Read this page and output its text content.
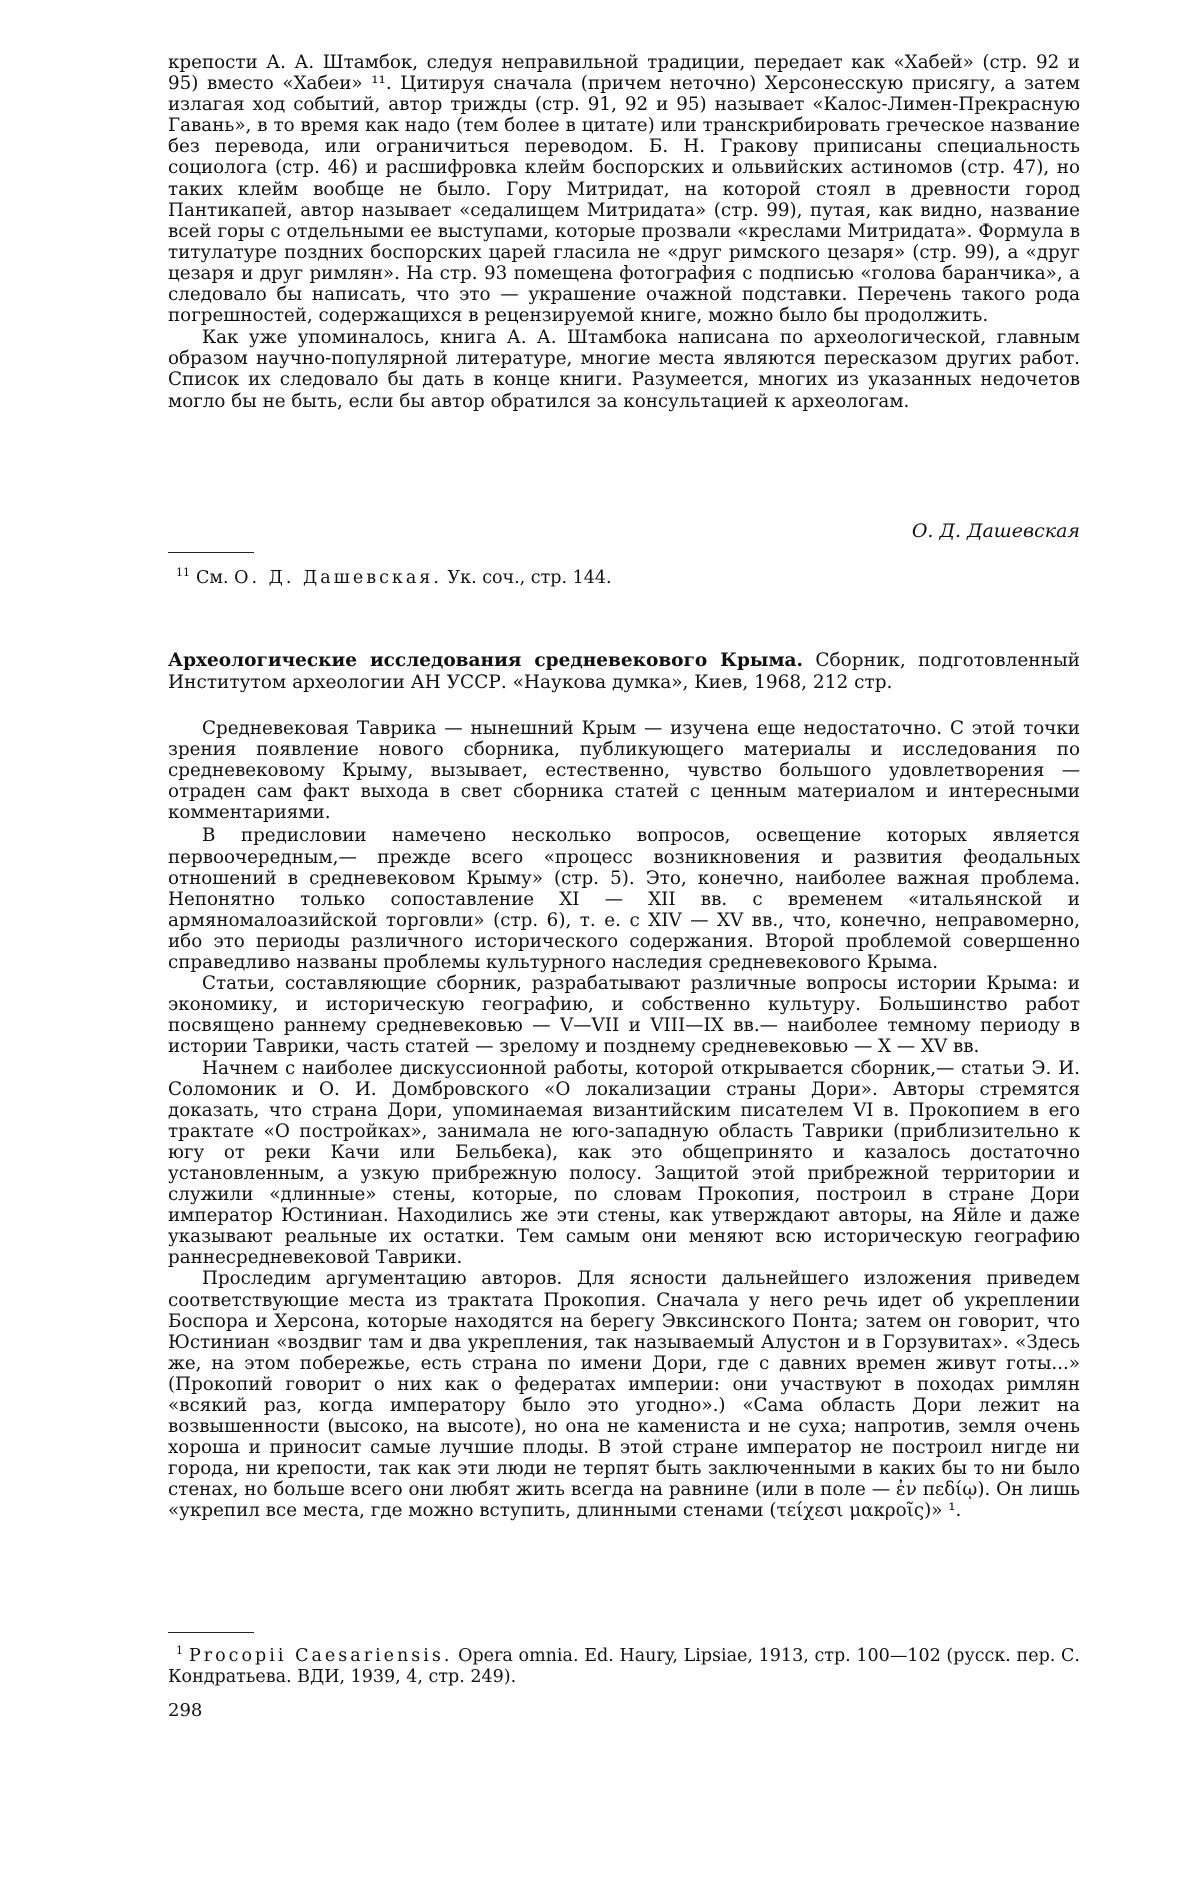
крепости А. А. Штамбок, следуя неправильной традиции, передает как «Хабей» (стр. 92 и 95) вместо «Хабеи» ¹¹. Цитируя сначала (причем неточно) Херсонесскую присягу, а затем излагая ход событий, автор трижды (стр. 91, 92 и 95) называет «Калос-Лимен-Прекрасную Гавань», в то время как надо (тем более в цитате) или транскрибировать греческое название без перевода, или ограничиться переводом. Б. Н. Гракову приписаны специальность социолога (стр. 46) и расшифровка клейм боспорских и ольвийских астиномов (стр. 47), но таких клейм вообще не было. Гору Митридат, на которой стоял в древности город Пантикапей, автор называет «седалищем Митридата» (стр. 99), путая, как видно, название всей горы с отдельными ее выступами, которые прозвали «креслами Митридата». Формула в титулатуре поздних боспорских царей гласила не «друг римского цезаря» (стр. 99), а «друг цезаря и друг римлян». На стр. 93 помещена фотография с подписью «голова баранчика», а следовало бы написать, что это — украшение очажной подставки. Перечень такого рода погрешностей, содержащихся в рецензируемой книге, можно было бы продолжить.

Как уже упоминалось, книга А. А. Штамбока написана по археологической, главным образом научно-популярной литературе, многие места являются пересказом других работ. Список их следовало бы дать в конце книги. Разумеется, многих из указанных недочетов могло бы не быть, если бы автор обратился за консультацией к археологам.

О. Д. Дашевская
$^{11}$ См. О. Д. Дашевская. Ук. соч., стр. 144.
Археологические исследования средневекового Крыма. Сборник, подготовленный Институтом археологии АН УССР. «Наукова думка», Киев, 1968, 212 стр.

Средневековая Таврика — нынешний Крым — изучена еще недостаточно. С этой точки зрения появление нового сборника, публикующего материалы и исследования по средневековому Крыму, вызывает, естественно, чувство большого удовлетворения — отраден сам факт выхода в свет сборника статей с ценным материалом и интересными комментариями.

В предисловии намечено несколько вопросов, освещение которых является первоочередным,— прежде всего «процесс возникновения и развития феодальных отношений в средневековом Крыму» (стр. 5). Это, конечно, наиболее важная проблема. Непонятно только сопоставление XI — XII вв. с временем «итальянской и армяномалоазийской торговли» (стр. 6), т. е. с XIV — XV вв., что, конечно, неправомерно, ибо это периоды различного исторического содержания. Второй проблемой совершенно справедливо названы проблемы культурного наследия средневекового Крыма.

Статьи, составляющие сборник, разрабатывают различные вопросы истории Крыма: и экономику, и историческую географию, и собственно культуру. Большинство работ посвящено раннему средневековью — V—VII и VIII—IX вв.— наиболее темному периоду в истории Таврики, часть статей — зрелому и позднему средневековью — X — XV вв.

Начнем с наиболее дискуссионной работы, которой открывается сборник,— статьи Э. И. Соломоник и О. И. Домбровского «О локализации страны Дори». Авторы стремятся доказать, что страна Дори, упоминаемая византийским писателем VI в. Прокопием в его трактате «О постройках», занимала не юго-западную область Таврики (приблизительно к югу от реки Качи или Бельбека), как это общепринято и казалось достаточно установленным, а узкую прибрежную полосу. Защитой этой прибрежной территории и служили «длинные» стены, которые, по словам Прокопия, построил в стране Дори император Юстиниан. Находились же эти стены, как утверждают авторы, на Яйле и даже указывают реальные их остатки. Тем самым они меняют всю историческую географию раннесредневековой Таврики.

Проследим аргументацию авторов. Для ясности дальнейшего изложения приведем соответствующие места из трактата Прокопия. Сначала у него речь идет об укреплении Боспора и Херсона, которые находятся на берегу Эвксинского Понта; затем он говорит, что Юстиниан «воздвиг там и два укрепления, так называемый Алустон и в Горзувитах». «Здесь же, на этом побережье, есть страна по имени Дори, где с давних времен живут готы...» (Прокопий говорит о них как о федератах империи: они участвуют в походах римлян «всякий раз, когда императору было это угодно».) «Сама область Дори лежит на возвышенности (высоко, на высоте), но она не камениста и не суха; напротив, земля очень хороша и приносит самые лучшие плоды. В этой стране император не построил нигде ни города, ни крепости, так как эти люди не терпят быть заключенными в каких бы то ни было стенах, но больше всего они любят жить всегда на равнине (или в поле — ἐν πεδίῳ). Он лишь «укрепил все места, где можно вступить, длинными стенами (τείχεσι μακροῖς)» ¹.

$^1$ Procopii Caesariensis. Opera omnia. Ed. Haury, Lipsiae, 1913, стр. 100—102 (русск. пер. С. Кондратьева. ВДИ, 1939, 4, стр. 249).
298
